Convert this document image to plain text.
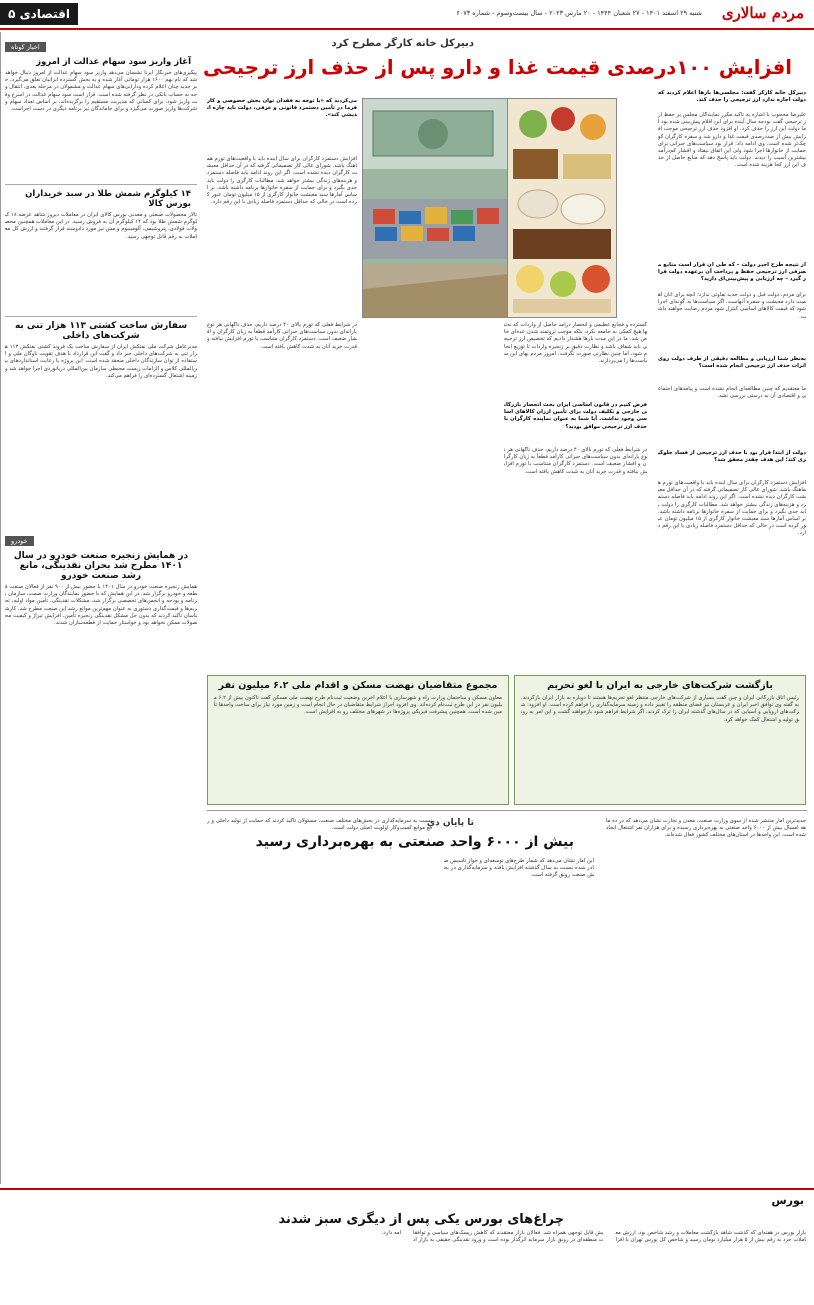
مردم سالاری
شنبه ۲۹ اسفند ۱۴۰۱ - ۲۷ شعبان ۱۴۴۴ - ۲۰ مارس ۲۰۲۳ - سال بیست‌وسوم - شماره ۶۰۷۳
اقتصادی ۵
اخبار کوتاه
آغاز واریز سود سهام عدالت از امروز

پیگیری‌های خبرنگار ایرنا نشسان می‌دهد واریز سود سهام عدالت از امروز دنبال خواهد شد که نام بهم ۱۶۰۰ هزار تومانی آغاز شده و به بخش گسترده ایرانیان تعلق می‌گیرد، خبر جدید چنان اعلام کرده ودارایی‌های سهام عدالت و مشمولان در مرحله بعدی، انتقال وجه به حساب بانکی در نظر گرفته شده است. قرار است سود سهام عدالت در اسرع وقت واریز شود. برای کسانی که مدیریت مستقیم را برگزیده‌اند، بر اساس تعداد سهام و شرکت‌ها واریز صورت می‌گیرد و برای جاماندگان نیز برنامه دیگری در دست اجراست.

۱۴ کیلوگرم شمش طلا در سبد خریداران بورس کالا

تالار محصولات صنعتی و معدنی بورس کالای ایران در معاملات دیروز شاهد عرضه ۱۸ کیلوگرم شمش طلا بود که ۱۴ کیلوگرم آن به فروش رسید. در این معاملات همچنین محصولات فولادی، پتروشیمی، آلومینیوم و مس نیز مورد دادوستد قرار گرفتند و ارزش کل معاملات به رقم قابل توجهی رسید.

سفارش ساخت کشتی ۱۱۳ هزار تنی به شرکت‌های داخلی

مدیرعامل شرکت ملی نفتکش ایران از سفارش ساخت یک فروند کشتی نفتکش ۱۱۳ هزار تنی به شرکت‌های داخلی خبر داد و گفت این قرارداد با هدف تقویت ناوگان ملی و استفاده از توان سازندگان داخلی منعقد شده است. این پروژه با رعایت استانداردهای بین‌المللی کلاس و الزامات زیست محیطی سازمان بین‌المللی دریانوردی اجرا خواهد شد و زمینه اشتغال گسترده‌ای را فراهم می‌کند.

خودرو
در همایش زنجیره صنعت خودرو در سال ۱۴۰۱ مطرح شد بحران نقدینگی، مانع رشد صنعت خودرو

همایش زنجیره صنعت خودرو در سال ۱۴۰۱ با حضور بیش از ۹۰۰ نفر از فعالان صنعت قطعه و خودرو برگزار شد. در این همایش که با حضور نمایندگان وزارت صمت، سازمان برنامه و بودجه و انجمن‌های تخصصی برگزار شد، مشکلات نقدینگی، تأمین مواد اولیه، تحریم‌ها و قیمت‌گذاری دستوری به عنوان مهم‌ترین موانع رشد این صنعت مطرح شد. کارشناسان تأکید کردند که بدون حل مشکل نقدینگی زنجیره تأمین، افزایش تیراژ و کیفیت محصولات ممکن نخواهد بود و خواستار حمایت از قطعه‌سازان شدند.

دبیرکل خانه کارگر مطرح کرد
افزایش ۱۰۰درصدی قیمت غذا و دارو پس از حذف ارز ترجیحی

دبیرکل خانه کارگر گفت: مجلسی‌ها بارها اعلام کردند که دولت اجازه ندارد ارز ترجیحی را حذف کند.

علیرضا محجوب با اشاره به تأکید مکرر نمایندگان مجلس بر حفظ ارز ترجیحی گفت بودجه سال آینده برای این اقلام پیش‌بینی شده بود اما دولت این ارز را حذف کرد. او افزود حذف ارز ترجیحی موجب افزایش بیش از صددرصدی قیمت غذا و دارو شد و سفره کارگران کوچک‌تر شده است. وی ادامه داد: قرار بود سیاست‌های جبرانی برای حمایت از خانوارها اجرا شود ولی این اتفاق نیفتاد و اقشار کم‌درآمد بیشترین آسیب را دیدند. دولت باید پاسخ دهد که منابع حاصل از حذف این ارز کجا هزینه شده است.

از نتیجه طرح اخیر دولت – که طی آن قرار است منابع مصرفی ارز ترجیحی حفظ و پرداخت آن برعهده دولت قرار گیرد – چه ارزیابی و پیش‌بینی‌ای دارید؟

برای مردم، دولت قبل و دولت جدید تفاوتی ندارد؛ آنچه برای آنان اهمیت دارد معیشت و سفره آنهاست. اگر سیاست‌ها به گونه‌ای اجرا شود که قیمت کالاهای اساسی کنترل شود مردم رضایت خواهند داشت.

به‌نظر شما ارزیابی و مطالعه دقیقی از طرف دولت روی اثرات حذف ارز ترجیحی انجام شده است؟

ما معتقدیم که چنین مطالعه‌ای انجام نشده است و پیامدهای اجتماعی و اقتصادی آن به درستی بررسی نشد.

دولت از ابتدا قرار بود با حذف ارز ترجیحی از فساد جلوگیری کند؛ این هدف چقدر محقق شد؟

افزایش دستمزد کارگران برای سال آینده باید با واقعیت‌های تورم هماهنگ باشد. شورای عالی کار تصمیماتی گرفته که در آن حداقل معیشت کارگران دیده نشده است. اگر این روند ادامه یابد فاصله دستمزد و هزینه‌های زندگی بیشتر خواهد شد. مطالبات کارگری را دولت باید جدی بگیرد و برای حمایت از سفره خانوارها برنامه داشته باشد. بر اساس آمارها سبد معیشت خانوار کارگری از ۱۵ میلیون تومان عبور کرده است در حالی که حداقل دستمزد فاصله زیادی با این رقم دارد.

گسترده و فجایع عظیمی و انحصار درآمد حاصل از واردات که نه‌تنها هیچ کمکی به جامعه نکرد، بلکه موجب ثروتمند شدن عده‌ای خاص شد. ما در این مدت بارها هشدار دادیم که تخصیص ارز ترجیحی باید شفاف باشد و نظارت دقیق بر زنجیره واردات تا توزیع انجام شود، اما چنین نظارتی صورت نگرفت. امروز مردم بهای این سیاست‌ها را می‌پردازند.

فرض کنیم در قانون اساسی ایران بحث انحصار بازرگانی خارجی و تکلیف دولت برای تأمین ارزان کالاهای اساسی وجود نداشت. آیا شما به عنوان نماینده کارگران با حذف ارز ترجیحی موافق بودید؟

در شرایط فعلی که تورم بالای ۴۰ درصد داریم، حذف ناگهانی هر نوع یارانه‌ای بدون سیاست‌های جبرانی کارآمد قطعاً به زیان کارگران و اقشار ضعیف است. دستمزد کارگران متناسب با تورم افزایش نیافته و قدرت خرید آنان به شدت کاهش یافته است.

می‌کردند که «با توجه به فقدان توان بخش خصوصی و کارفرما در تأمین دستمزد قانونی و عرفی، دولت باید چاره اندیشی کند».

افزایش دستمزد کارگران برای سال آینده باید با واقعیت‌های تورم هماهنگ باشد. شورای عالی کار تصمیماتی گرفته که در آن حداقل معیشت کارگران دیده نشده است. اگر این روند ادامه یابد فاصله دستمزد و هزینه‌های زندگی بیشتر خواهد شد. مطالبات کارگری را دولت باید جدی بگیرد و برای حمایت از سفره خانوارها برنامه داشته باشد. بر اساس آمارها سبد معیشت خانوار کارگری از ۱۵ میلیون تومان عبور کرده است در حالی که حداقل دستمزد فاصله زیادی با این رقم دارد.

در شرایط فعلی که تورم بالای ۴۰ درصد داریم، حذف ناگهانی هر نوع یارانه‌ای بدون سیاست‌های جبرانی کارآمد قطعاً به زیان کارگران و اقشار ضعیف است. دستمزد کارگران متناسب با تورم افزایش نیافته و قدرت خرید آنان به شدت کاهش یافته است.

بازگشت شرکت‌های خارجی به ایران با لغو تحریم

رئیس اتاق بازرگانی ایران و چین گفت بسیاری از شرکت‌های خارجی منتظر لغو تحریم‌ها هستند تا دوباره به بازار ایران بازگردند. به گفته وی توافق اخیر ایران و عربستان نیز فضای منطقه را تغییر داده و زمینه سرمایه‌گذاری را فراهم کرده است. او افزود: شرکت‌های اروپایی و آسیایی که در سال‌های گذشته ایران را ترک کردند، اگر شرایط فراهم شود بازخواهند گشت و این امر به رونق تولید و اشتغال کمک خواهد کرد.

مجموع متقاضیان نهضت مسکن و اقدام ملی ۶.۲ میلیون نفر

معاون مسکن و ساختمان وزارت راه و شهرسازی با اعلام آخرین وضعیت ثبت‌نام طرح نهضت ملی مسکن گفت تاکنون بیش از ۶.۲ میلیون نفر در این طرح ثبت‌نام کرده‌اند. وی افزود احراز شرایط متقاضیان در حال انجام است و زمین مورد نیاز برای ساخت واحدها تأمین شده است. همچنین پیشرفت فیزیکی پروژه‌ها در شهرهای مختلف رو به افزایش است.

تا پایان دی
بیش از ۶۰۰۰ واحد صنعتی به بهره‌برداری رسید

جدیدترین آمار منتشر شده از سوی وزارت صنعت، معدن و تجارت نشان می‌دهد که در ده ماهه امسال بیش از ۶۰۰۰ واحد صنعتی به بهره‌برداری رسیده و برای هزاران نفر اشتغال ایجاد شده است. این واحدها در استان‌های مختلف کشور فعال شده‌اند.

این آمار نشان می‌دهد که شمار طرح‌های توسعه‌ای و جواز تأسیس صادر شده نسبت به سال گذشته افزایش یافته و سرمایه‌گذاری در بخش صنعت رونق گرفته است.

نسبت به سرمایه‌گذاری در بخش‌های مختلف صنعت، مسئولان تأکید کردند که حمایت از تولید داخلی و رفع موانع کسب‌وکار اولویت اصلی دولت است.

بورس
چراغ‌های بورس یکی پس از دیگری سبز شدند

بازار بورس در هفته‌ای که گذشت شاهد بازگشت معاملات و رشد شاخص بود. ارزش معاملات خرد به رقم بیش از ۵ هزار میلیارد تومان رسید و شاخص کل بورس تهران با افزایش قابل توجهی همراه شد. فعالان بازار معتقدند که کاهش ریسک‌های سیاسی و توافقات منطقه‌ای در رونق بازار سرمایه اثرگذار بوده است و ورود نقدینگی حقیقی به بازار ادامه دارد.
